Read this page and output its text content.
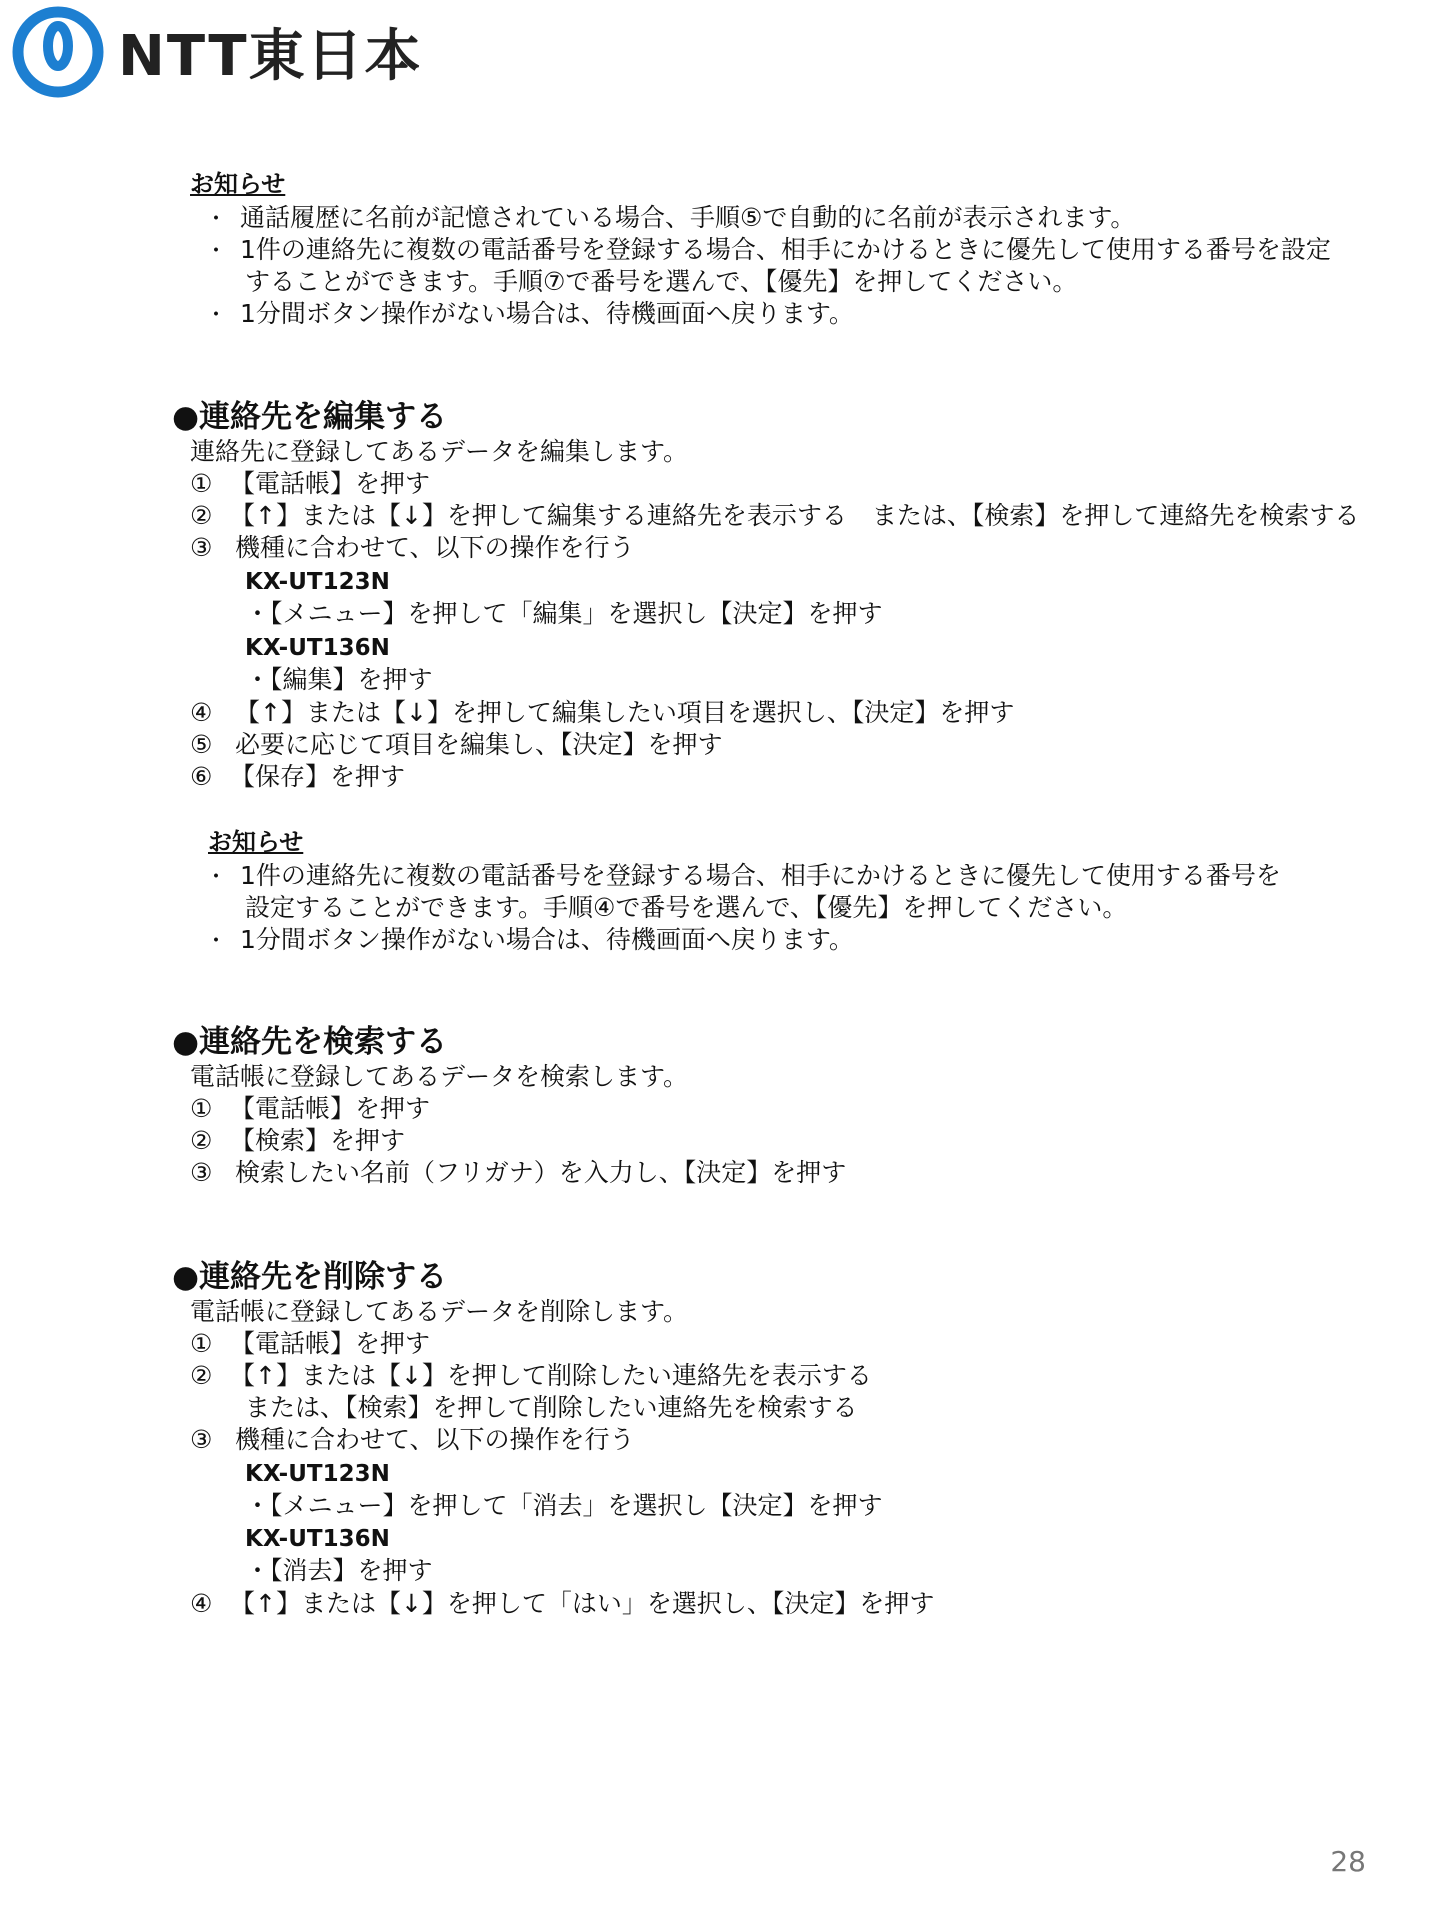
NTT東日本
お知らせ
・ 通話履歴に名前が記憶されている場合、手順⑤で自動的に名前が表示されます。
・ 1件の連絡先に複数の電話番号を登録する場合、相手にかけるときに優先して使用する番号を設定
することができます。手順⑦で番号を選んで、【優先】を押してください。
・ 1分間ボタン操作がない場合は、待機画面へ戻ります。
●連絡先を編集する
連絡先に登録してあるデータを編集します。
① 【電話帳】を押す
② 【↑】または【↓】を押して編集する連絡先を表示する　または、【検索】を押して連絡先を検索する
③ 機種に合わせて、以下の操作を行う
KX-UT123N
・【メニュー】を押して「編集」を選択し【決定】を押す
KX-UT136N
・【編集】を押す
④ 【↑】または【↓】を押して編集したい項目を選択し、【決定】を押す
⑤ 必要に応じて項目を編集し、【決定】を押す
⑥ 【保存】を押す
お知らせ
・ 1件の連絡先に複数の電話番号を登録する場合、相手にかけるときに優先して使用する番号を
設定することができます。手順④で番号を選んで、【優先】を押してください。
・ 1分間ボタン操作がない場合は、待機画面へ戻ります。
●連絡先を検索する
電話帳に登録してあるデータを検索します。
① 【電話帳】を押す
② 【検索】を押す
③ 検索したい名前（フリガナ）を入力し、【決定】を押す
●連絡先を削除する
電話帳に登録してあるデータを削除します。
① 【電話帳】を押す
② 【↑】または【↓】を押して削除したい連絡先を表示する
または、【検索】を押して削除したい連絡先を検索する
③ 機種に合わせて、以下の操作を行う
KX-UT123N
・【メニュー】を押して「消去」を選択し【決定】を押す
KX-UT136N
・【消去】を押す
④ 【↑】または【↓】を押して「はい」を選択し、【決定】を押す
28
